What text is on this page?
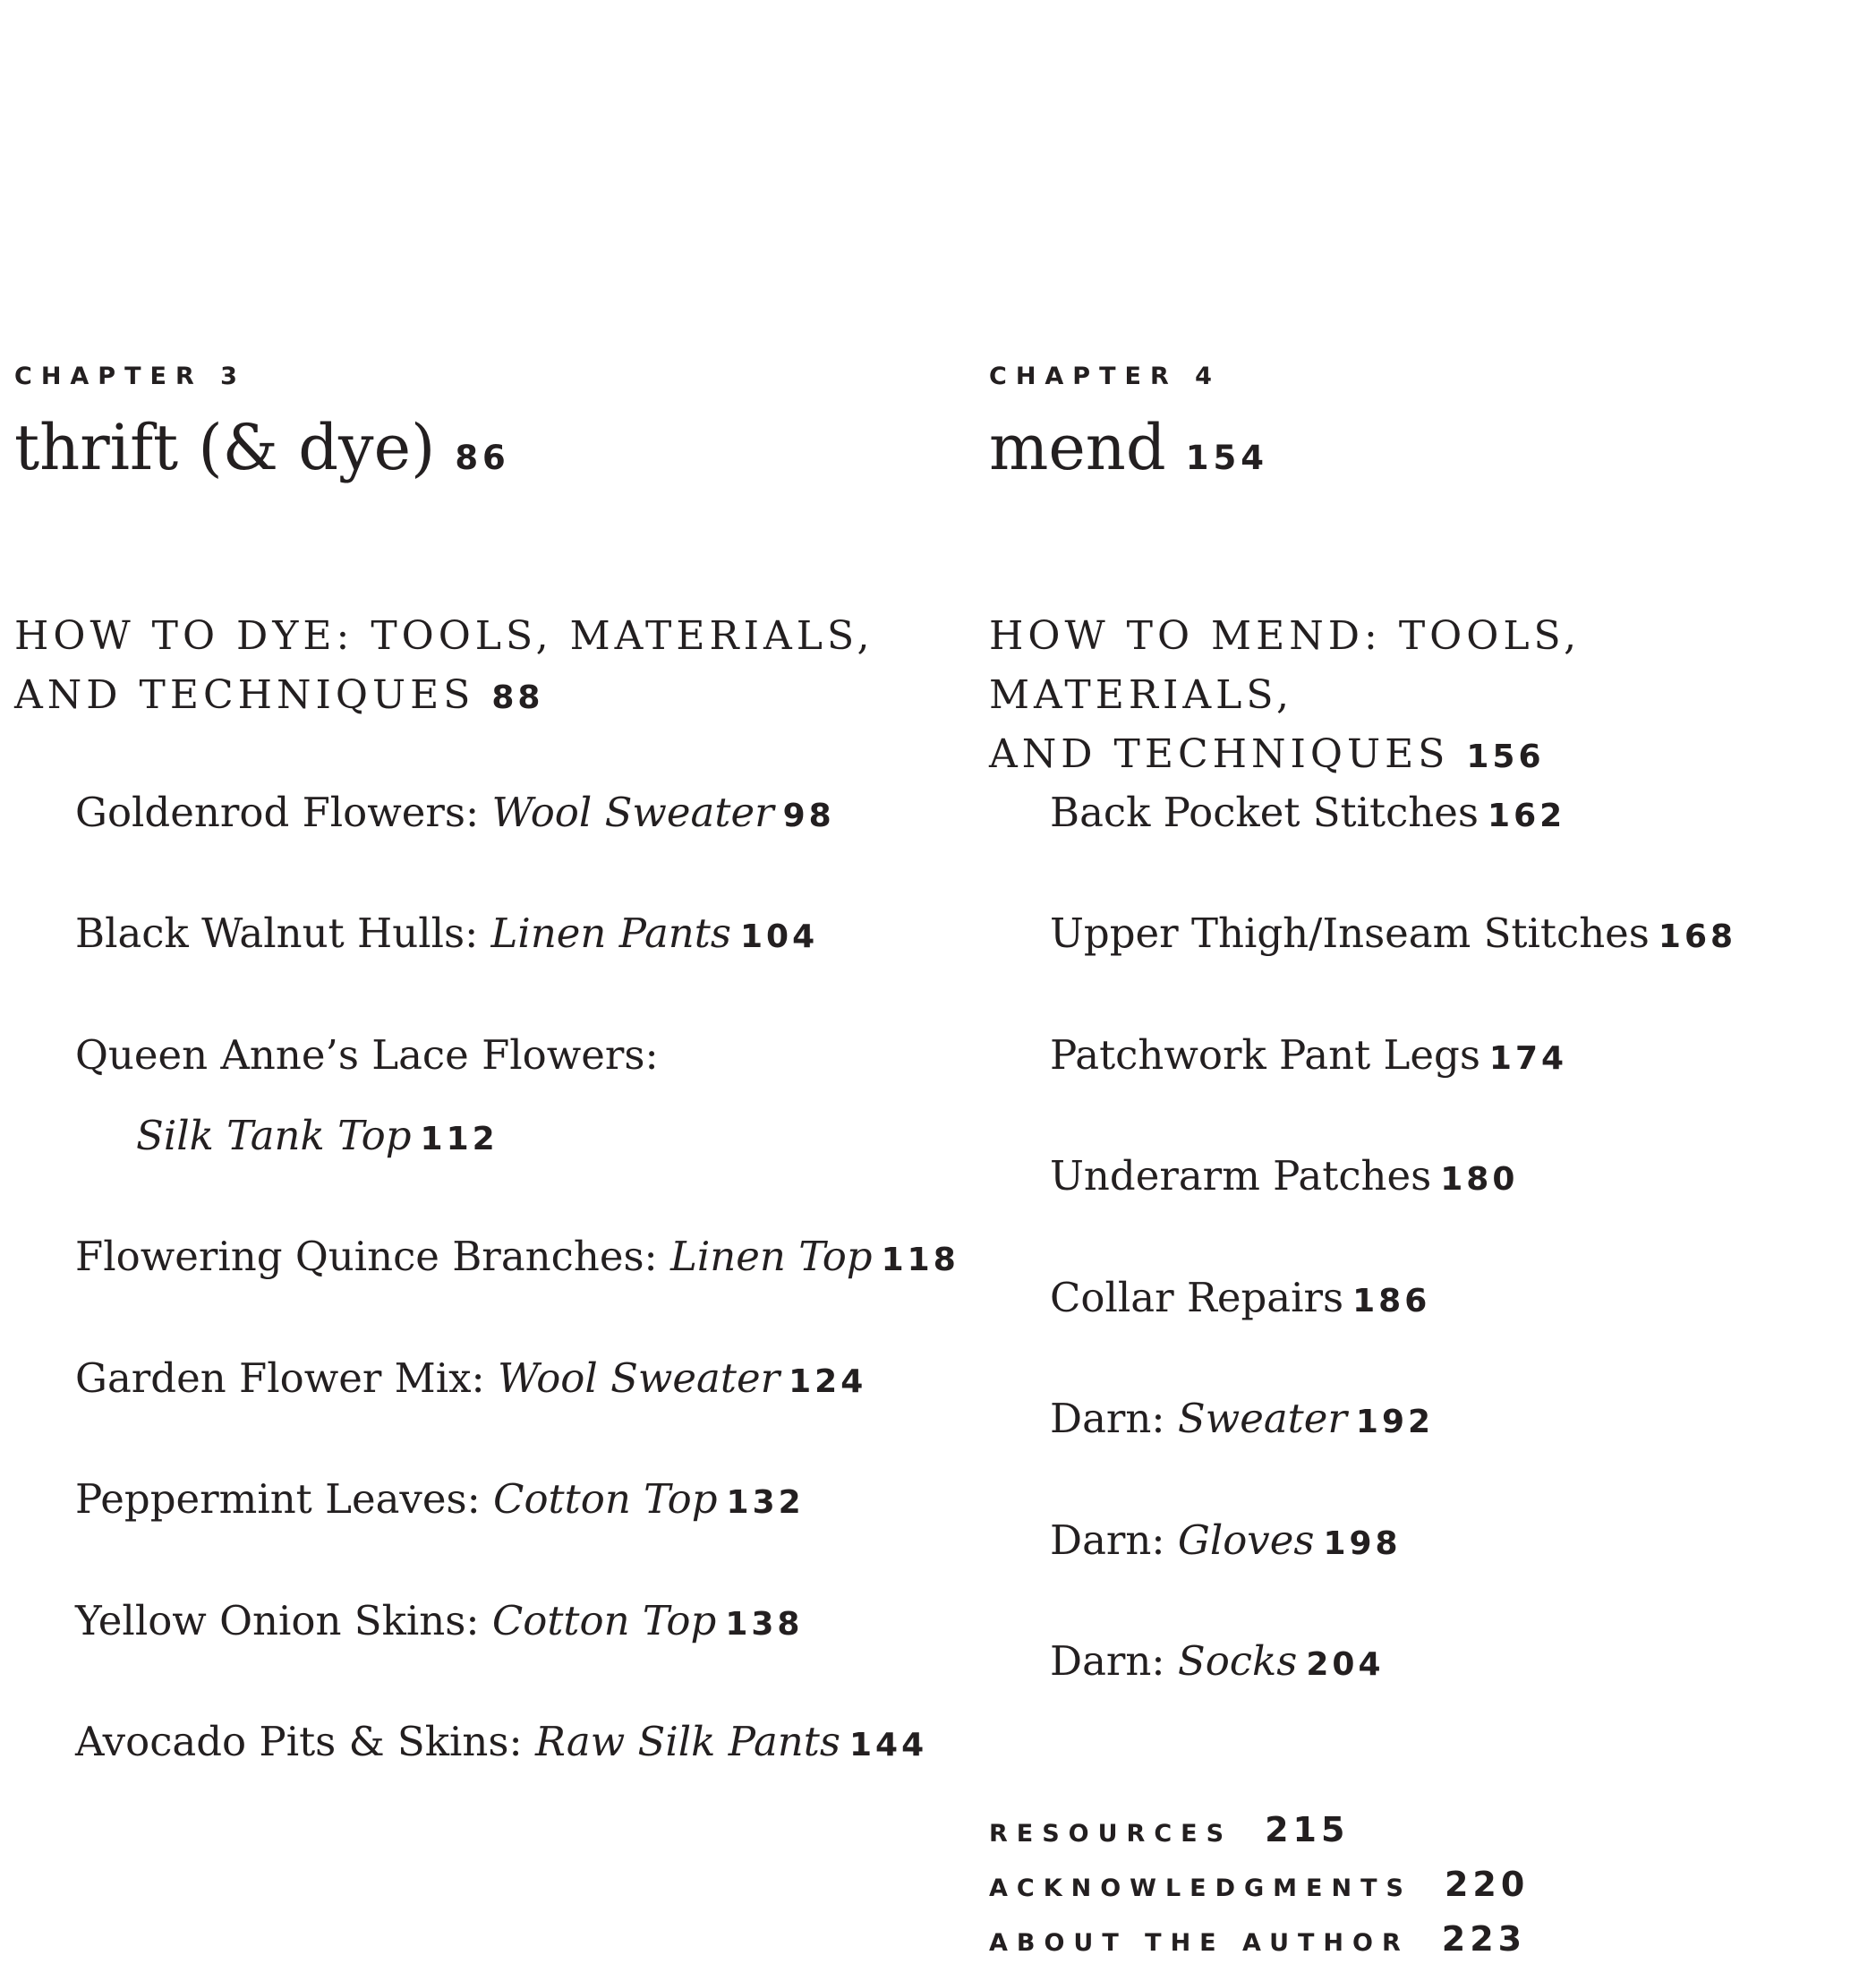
CHAPTER 3
thrift (& dye) 86
HOW TO DYE: TOOLS, MATERIALS,
AND TECHNIQUES 88
Goldenrod Flowers: Wool Sweater 98
Black Walnut Hulls: Linen Pants 104
Queen Anne’s Lace Flowers:
Silk Tank Top 112
Flowering Quince Branches: Linen Top 118
Garden Flower Mix: Wool Sweater 124
Peppermint Leaves: Cotton Top 132
Yellow Onion Skins: Cotton Top 138
Avocado Pits & Skins: Raw Silk Pants 144
CHAPTER 4
mend 154
HOW TO MEND: TOOLS, MATERIALS,
AND TECHNIQUES 156
Back Pocket Stitches 162
Upper Thigh/Inseam Stitches 168
Patchwork Pant Legs 174
Underarm Patches 180
Collar Repairs 186
Darn: Sweater 192
Darn: Gloves 198
Darn: Socks 204
RESOURCES 215
ACKNOWLEDGMENTS 220
ABOUT THE AUTHOR 223
